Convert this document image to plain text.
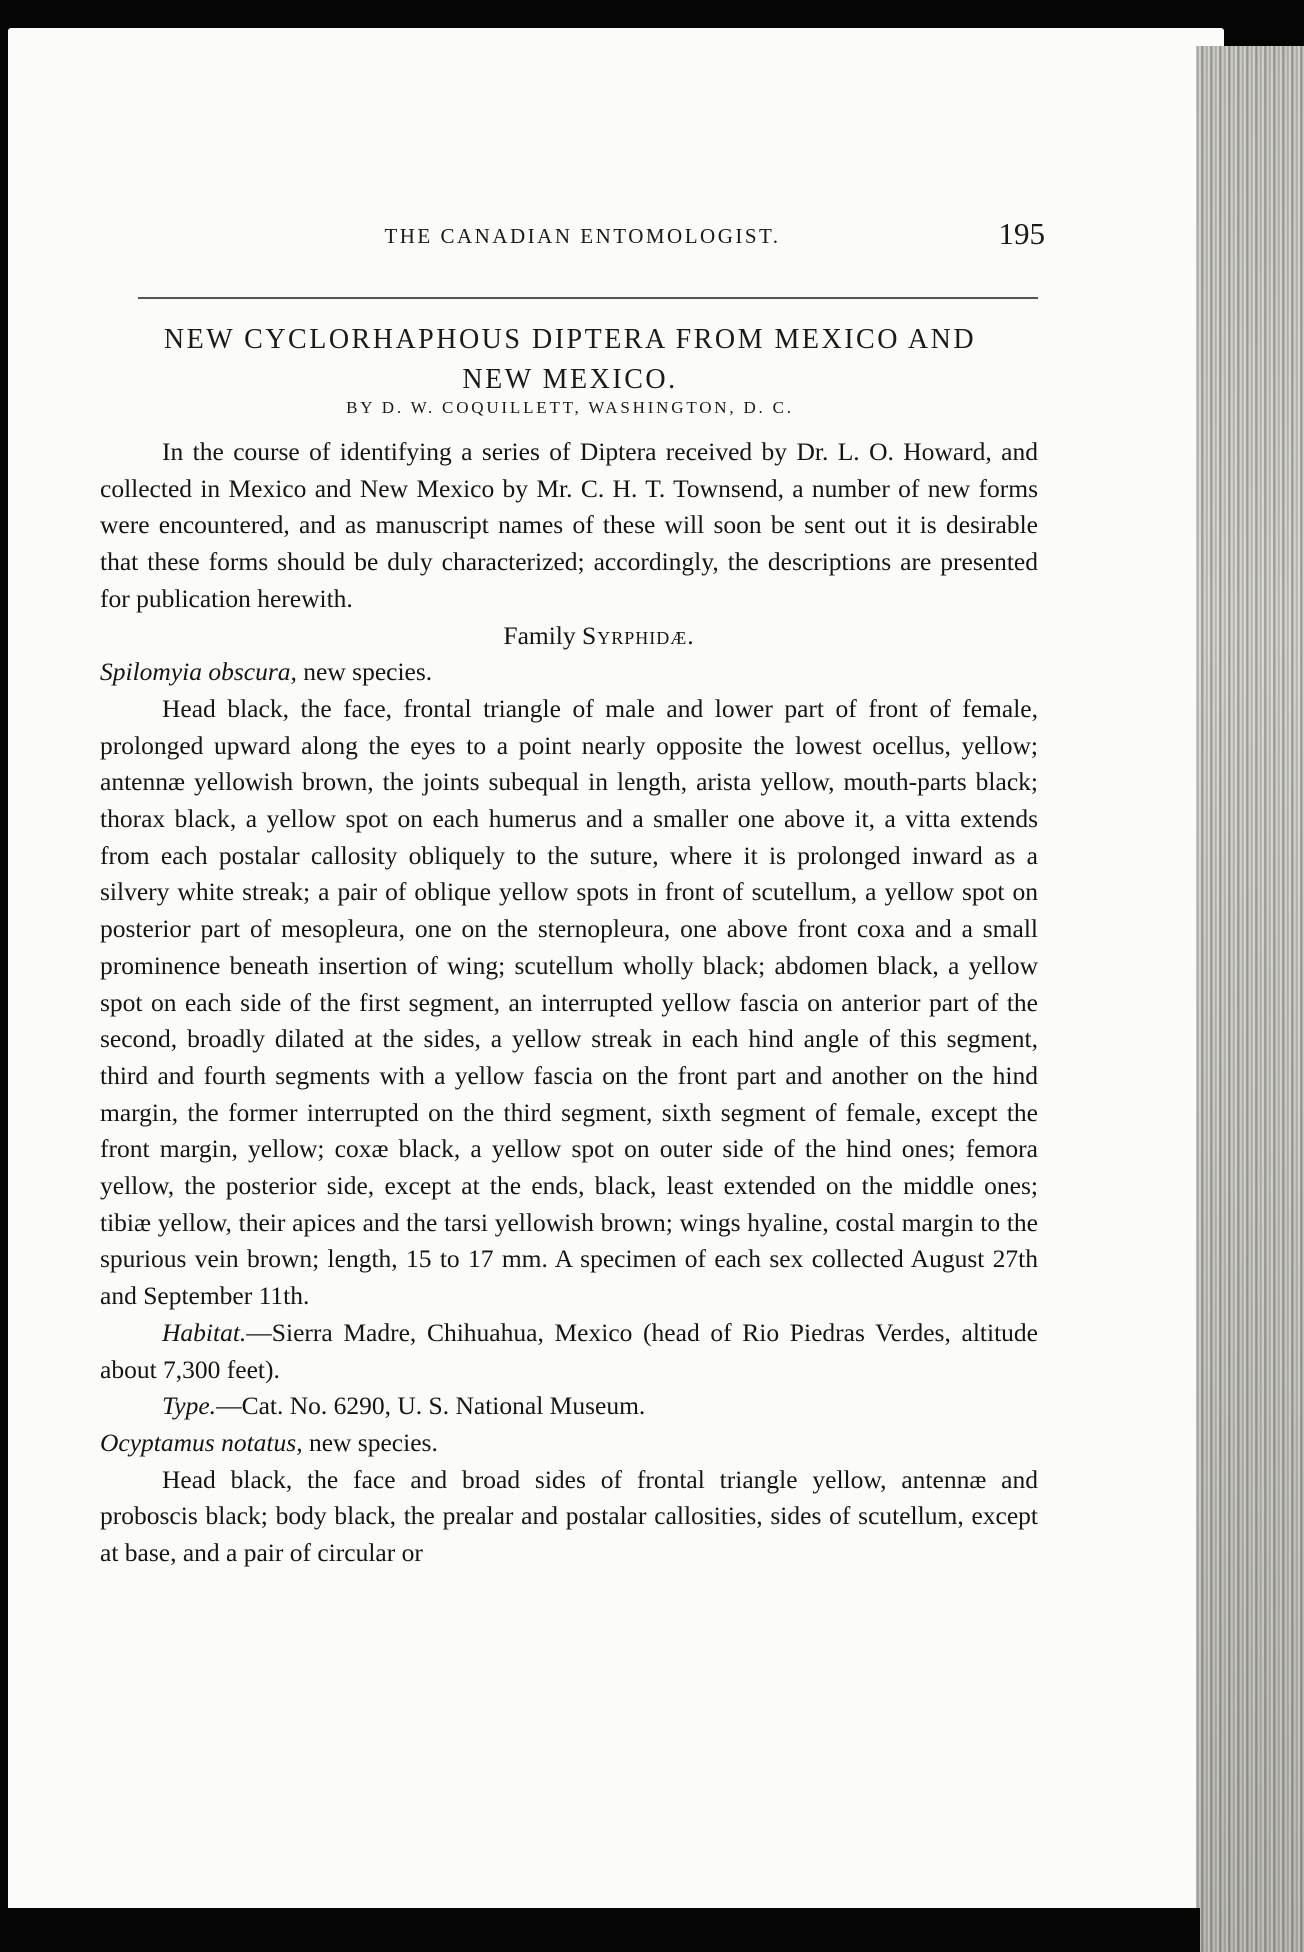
THE CANADIAN ENTOMOLOGIST.	195
NEW CYCLORHAPHOUS DIPTERA FROM MEXICO AND
NEW MEXICO.
BY D. W. COQUILLETT, WASHINGTON, D. C.

In the course of identifying a series of Diptera received by Dr. L. O. Howard, and collected in Mexico and New Mexico by Mr. C. H. T. Townsend, a number of new forms were encountered, and as manuscript names of these will soon be sent out it is desirable that these forms should be duly characterized; accordingly, the descriptions are presented for publication herewith.

Family Syrphidæ.

Spilomyia obscura, new species.

Head black, the face, frontal triangle of male and lower part of front of female, prolonged upward along the eyes to a point nearly opposite the lowest ocellus, yellow; antennæ yellowish brown, the joints subequal in length, arista yellow, mouth-parts black; thorax black, a yellow spot on each humerus and a smaller one above it, a vitta extends from each postalar callosity obliquely to the suture, where it is prolonged inward as a silvery white streak; a pair of oblique yellow spots in front of scutellum, a yellow spot on posterior part of mesopleura, one on the sternopleura, one above front coxa and a small prominence beneath insertion of wing; scutellum wholly black; abdomen black, a yellow spot on each side of the first segment, an interrupted yellow fascia on anterior part of the second, broadly dilated at the sides, a yellow streak in each hind angle of this segment, third and fourth segments with a yellow fascia on the front part and another on the hind margin, the former interrupted on the third segment, sixth segment of female, except the front margin, yellow; coxæ black, a yellow spot on outer side of the hind ones; femora yellow, the posterior side, except at the ends, black, least extended on the middle ones; tibiæ yellow, their apices and the tarsi yellowish brown; wings hyaline, costal margin to the spurious vein brown; length, 15 to 17 mm. A specimen of each sex collected August 27th and September 11th.

Habitat.—Sierra Madre, Chihuahua, Mexico (head of Rio Piedras Verdes, altitude about 7,300 feet).

Type.—Cat. No. 6290, U. S. National Museum.

Ocyptamus notatus, new species.

Head black, the face and broad sides of frontal triangle yellow, antennæ and proboscis black; body black, the prealar and postalar callosities, sides of scutellum, except at base, and a pair of circular or
